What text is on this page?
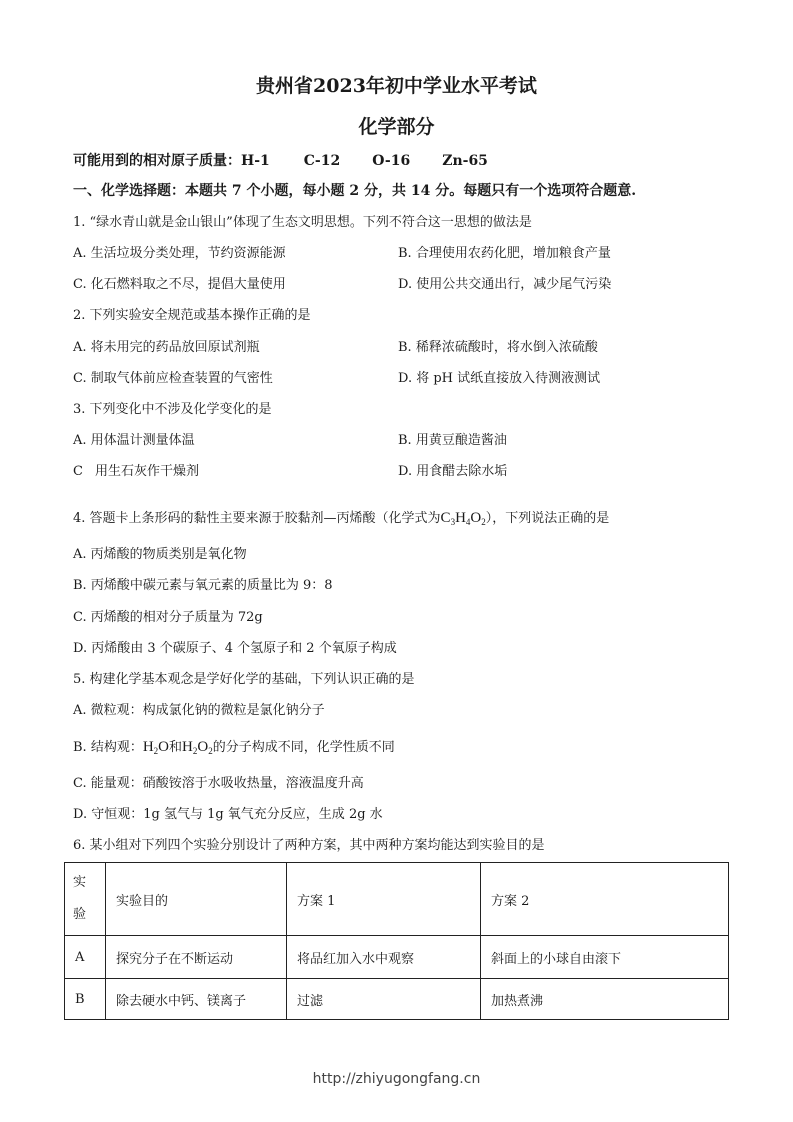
贵州省2023年初中学业水平考试
化学部分
可能用到的相对原子质量：H-1 C-12 O-16 Zn-65
一、化学选择题：本题共 7 个小题，每小题 2 分，共 14 分。每题只有一个选项符合题意.
1. “绿水青山就是金山银山”体现了生态文明思想。下列不符合这一思想的做法是
A. 生活垃圾分类处理，节约资源能源	B. 合理使用农药化肥，增加粮食产量
C. 化石燃料取之不尽，提倡大量使用	D. 使用公共交通出行，减少尾气污染
2. 下列实验安全规范或基本操作正确的是
A. 将未用完的药品放回原试剂瓶	B. 稀释浓硫酸时，将水倒入浓硫酸
C. 制取气体前应检查装置的气密性	D. 将 pH 试纸直接放入待测液测试
3. 下列变化中不涉及化学变化的是
A. 用体温计测量体温	B. 用黄豆酿造酱油
C 用生石灰作干燥剂	D. 用食醋去除水垢
4. 答题卡上条形码的黏性主要来源于胶黏剂—丙烯酸（化学式为$C_3H_4O_2$），下列说法正确的是
A. 丙烯酸的物质类别是氧化物
B. 丙烯酸中碳元素与氧元素的质量比为 9：8
C. 丙烯酸的相对分子质量为 72g
D. 丙烯酸由 3 个碳原子、4 个氢原子和 2 个氧原子构成
5. 构建化学基本观念是学好化学的基础，下列认识正确的是
A. 微粒观：构成氯化钠的微粒是氯化钠分子
B. 结构观：$H_2O$和$H_2O_2$的分子构成不同，化学性质不同
C. 能量观：硝酸铵溶于水吸收热量，溶液温度升高
D. 守恒观：1g 氢气与 1g 氧气充分反应，生成 2g 水
6. 某小组对下列四个实验分别设计了两种方案，其中两种方案均能达到实验目的是
实验	实验目的	方案 1	方案 2
A	探究分子在不断运动	将品红加入水中观察	斜面上的小球自由滚下
B	除去硬水中钙、镁离子	过滤	加热煮沸
http://zhiyugongfang.cn
